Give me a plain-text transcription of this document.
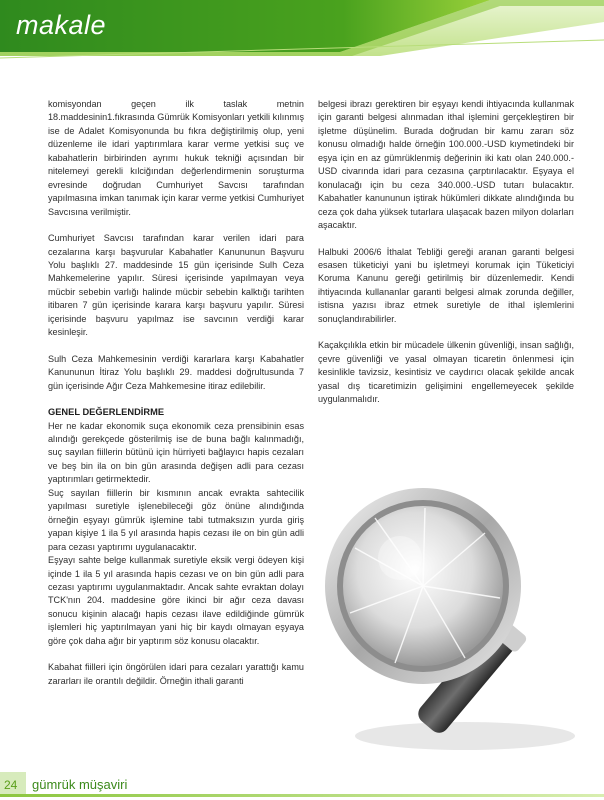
makale

komisyondan geçen ilk taslak metnin 18.maddesinin1.fıkrasında Gümrük Komisyonları yetkili kılınmış ise de Adalet Komisyonunda bu fıkra değiştirilmiş olup, yeni düzenleme ile idari yaptırımlara karar verme yetkisi suç ve kabahatlerin birbirinden ayrımı hukuk tekniği açısından bir nitelemeyi gerekli kılciğından değerlendirmenin soruşturma evresinde doğrudan Cumhuriyet Savcısı tarafından yapılmasına imkan tanımak için karar verme yetkisi Cumhuriyet Savcısına verilmiştir.

Cumhuriyet Savcısı tarafından karar verilen idari para cezalarına karşı başvurular Kabahatler Kanununun Başvuru Yolu başlıklı 27. maddesinde 15 gün içerisinde Sulh Ceza Mahkemelerine yapılır. Süresi içerisinde yapılmayan veya mücbir sebebin varlığı halinde mücbir sebebin kalktığı tarihten itibaren 7 gün içerisinde karara karşı başvuru yapılır. Süresi içerisinde başvuru yapılmaz ise savcının verdiği karar kesinleşir.

Sulh Ceza Mahkemesinin verdiği kararlara karşı Kabahatler Kanununun İtiraz Yolu başlıklı 29. maddesi doğrultusunda 7 gün içerisinde Ağır Ceza Mahkemesine itiraz edilebilir.

GENEL DEĞERLENDİRME

Her ne kadar ekonomik suça ekonomik ceza prensibinin esas alındığı gerekçede gösterilmiş ise de buna bağlı kalınmadığı, suç sayılan fiillerin bütünü için hürriyeti bağlayıcı hapis cezaları ve beş bin ila on bin gün arasında değişen adli para cezası yaptırımları getirmektedir.

Suç sayılan fiillerin bir kısmının ancak evrakta sahtecilik yapılması suretiyle işlenebileceği göz önüne alındığında örneğin eşyayı gümrük işlemine tabi tutmaksızın yurda giriş yapan kişiye 1 ila 5 yıl arasında hapis cezası ile on bin gün adli para cezası yaptırımı uygulanacaktır.

Eşyayı sahte belge kullanmak suretiyle eksik vergi ödeyen kişi içinde 1 ila 5 yıl arasında hapis cezası ve on bin gün adli para cezası yaptırımı uygulanmaktadır. Ancak sahte evraktan dolayı TCK'nın 204. maddesine göre ikinci bir ağır ceza davası sonucu kişinin alacağı hapis cezası ilave edildiğinde gümrük işlemleri hiç yaptırılmayan yani hiç bir kaydı olmayan eşyaya göre çok daha ağır bir yaptırım söz konusu olacaktır.

Kabahat fiilleri için öngörülen idari para cezaları yarattığı kamu zararları ile orantılı değildir. Örneğin ithali garanti

belgesi ibrazı gerektiren bir eşyayı kendi ihtiyacında kullanmak için garanti belgesi alınmadan ithal işlemini gerçekleştiren bir işletme düşünelim. Burada doğrudan bir kamu zararı söz konusu olmadığı halde örneğin 100.000.-USD kıymetindeki bir eşya için en az gümrüklenmiş değerinin iki katı olan 240.000.-USD civarında idari para cezasına çarptırılacaktır. Eşyaya el konulacağı için bu ceza 340.000.-USD tutarı bulacaktır. Kabahatler kanununun iştirak hükümleri dikkate alındığında bu ceza çok daha yüksek tutarlara ulaşacak bazen milyon dolarları aşacaktır.

Halbuki 2006/6 İthalat Tebliği gereği aranan garanti belgesi esasen tüketiciyi yani bu işletmeyi korumak için Tüketiciyi Koruma Kanunu gereği getirilmiş bir düzenlemedir. Kendi ihtiyacında kullananlar garanti belgesi almak zorunda değiller, istisna yazısı ibraz etmek suretiyle de ithal işlemlerini sonuçlandırabilirler.

Kaçakçılıkla etkin bir mücadele ülkenin güvenliği, insan sağlığı, çevre güvenliği ve yasal olmayan ticaretin önlenmesi için kesinlikle tavizsiz, kesintisiz ve caydırıcı olacak şekilde ancak yasal dış ticaretimizin gelişimini engellemeyecek şekilde uygulanmalıdır.

24 gümrük müşaviri
